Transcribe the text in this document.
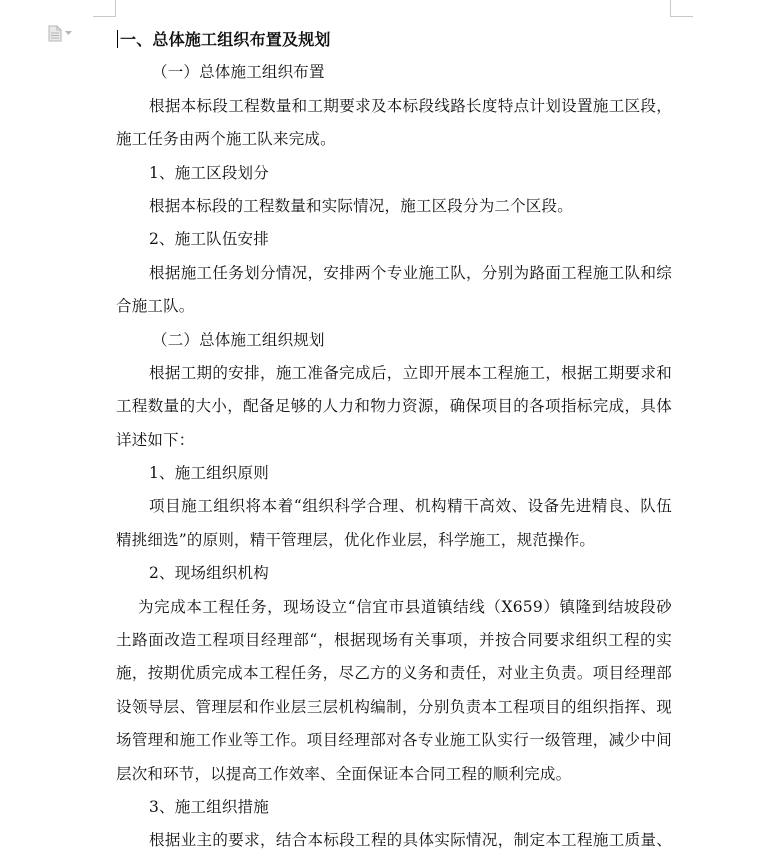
一、总体施工组织布置及规划
（一）总体施工组织布置
根据本标段工程数量和工期要求及本标段线路长度特点计划设置施工区段，
施工任务由两个施工队来完成。
1、施工区段划分
根据本标段的工程数量和实际情况，施工区段分为二个区段。
2、施工队伍安排
根据施工任务划分情况，安排两个专业施工队，分别为路面工程施工队和综
合施工队。
（二）总体施工组织规划
根据工期的安排，施工准备完成后，立即开展本工程施工，根据工期要求和
工程数量的大小，配备足够的人力和物力资源，确保项目的各项指标完成，具体
详述如下：
1、施工组织原则
项目施工组织将本着“组织科学合理、机构精干高效、设备先进精良、队伍
精挑细选”的原则，精干管理层，优化作业层，科学施工，规范操作。
2、现场组织机构
为完成本工程任务，现场设立“信宜市县道镇结线（X659）镇隆到结坡段砂
土路面改造工程项目经理部“，根据现场有关事项，并按合同要求组织工程的实
施，按期优质完成本工程任务，尽乙方的义务和责任，对业主负责。项目经理部
设领导层、管理层和作业层三层机构编制，分别负责本工程项目的组织指挥、现
场管理和施工作业等工作。项目经理部对各专业施工队实行一级管理，减少中间
层次和环节，以提高工作效率、全面保证本合同工程的顺利完成。
3、施工组织措施
根据业主的要求，结合本标段工程的具体实际情况，制定本工程施工质量、
